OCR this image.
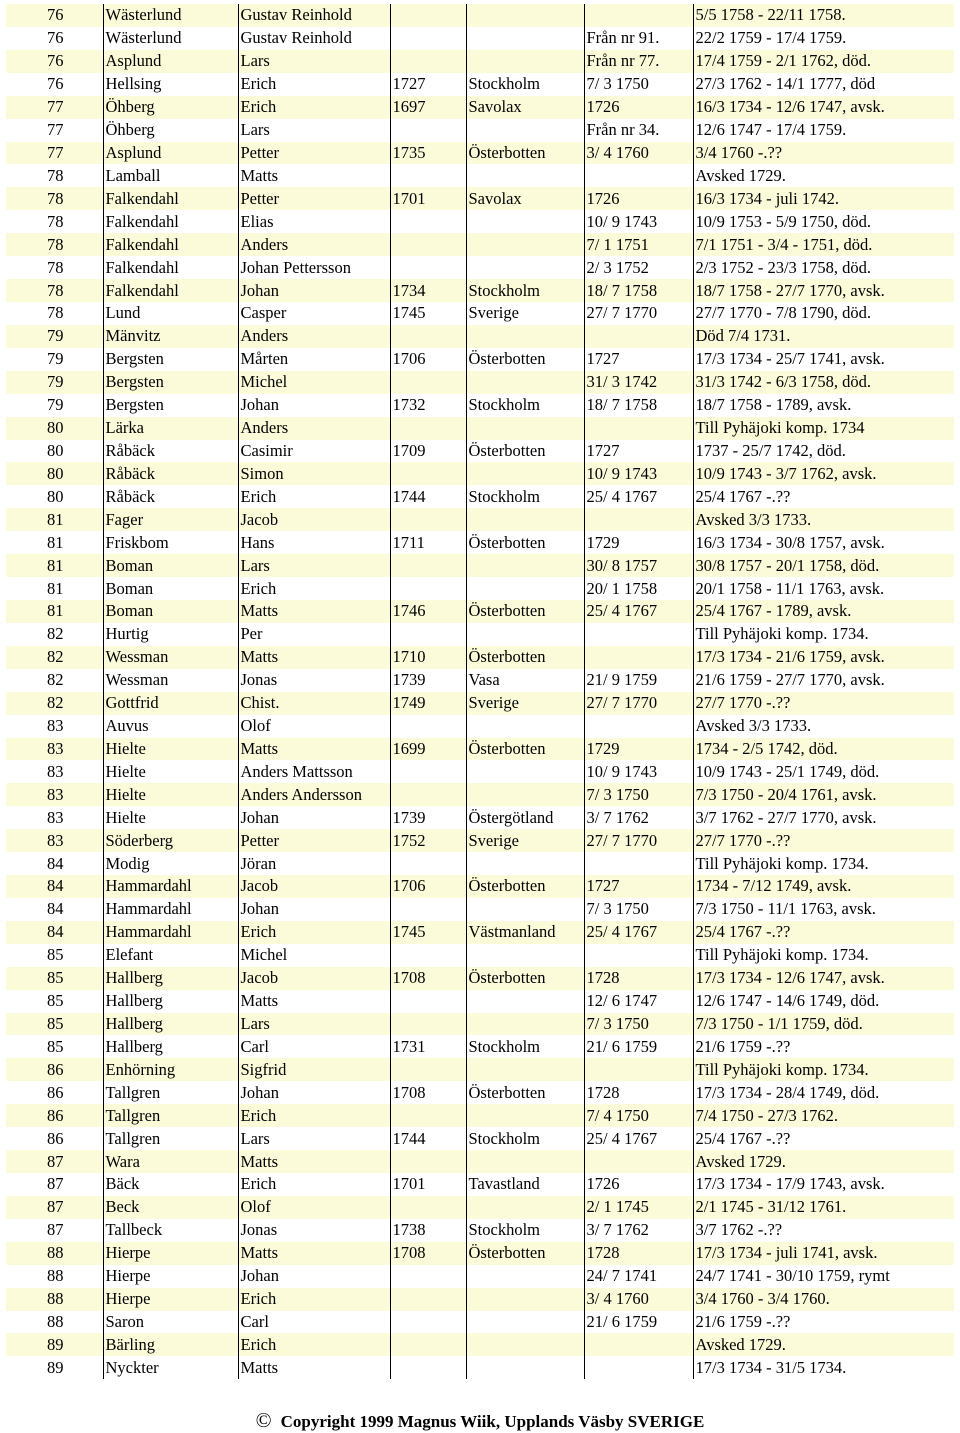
76	Wästerlund	Gustav Reinhold				5/5 1758 - 22/11 1758.
76	Wästerlund	Gustav Reinhold			Från nr 91.	22/2 1759 - 17/4 1759.
76	Asplund	Lars			Från nr 77.	17/4 1759 - 2/1 1762, död.
76	Hellsing	Erich	1727	Stockholm	7/ 3 1750	27/3 1762 - 14/1 1777, död
77	Öhberg	Erich	1697	Savolax	1726	16/3 1734 - 12/6 1747, avsk.
77	Öhberg	Lars			Från nr 34.	12/6 1747 - 17/4 1759.
77	Asplund	Petter	1735	Österbotten	3/ 4 1760	3/4 1760 -.??
78	Lamball	Matts				Avsked 1729.
78	Falkendahl	Petter	1701	Savolax	1726	16/3 1734 - juli 1742.
78	Falkendahl	Elias			10/ 9 1743	10/9 1753 - 5/9 1750, död.
78	Falkendahl	Anders			7/ 1 1751	7/1 1751 - 3/4 - 1751, död.
78	Falkendahl	Johan Pettersson			2/ 3 1752	2/3 1752 - 23/3 1758, död.
78	Falkendahl	Johan	1734	Stockholm	18/ 7 1758	18/7 1758 - 27/7 1770, avsk.
78	Lund	Casper	1745	Sverige	27/ 7 1770	27/7 1770 - 7/8 1790, död.
79	Mänvitz	Anders				Död 7/4 1731.
79	Bergsten	Mårten	1706	Österbotten	1727	17/3 1734 - 25/7 1741, avsk.
79	Bergsten	Michel			31/ 3 1742	31/3 1742 - 6/3 1758, död.
79	Bergsten	Johan	1732	Stockholm	18/ 7 1758	18/7 1758 - 1789, avsk.
80	Lärka	Anders				Till Pyhäjoki komp. 1734
80	Råbäck	Casimir	1709	Österbotten	1727	1737 - 25/7 1742, död.
80	Råbäck	Simon			10/ 9 1743	10/9 1743 - 3/7 1762, avsk.
80	Råbäck	Erich	1744	Stockholm	25/ 4 1767	25/4 1767 -.??
81	Fager	Jacob				Avsked 3/3 1733.
81	Friskbom	Hans	1711	Österbotten	1729	16/3 1734 - 30/8 1757, avsk.
81	Boman	Lars			30/ 8 1757	30/8 1757 - 20/1 1758, död.
81	Boman	Erich			20/ 1 1758	20/1 1758 - 11/1 1763, avsk.
81	Boman	Matts	1746	Österbotten	25/ 4 1767	25/4 1767 - 1789, avsk.
82	Hurtig	Per				Till Pyhäjoki komp. 1734.
82	Wessman	Matts	1710	Österbotten		17/3 1734 - 21/6 1759, avsk.
82	Wessman	Jonas	1739	Vasa	21/ 9 1759	21/6 1759 - 27/7 1770, avsk.
82	Gottfrid	Chist.	1749	Sverige	27/ 7 1770	27/7 1770 -.??
83	Auvus	Olof				Avsked 3/3 1733.
83	Hielte	Matts	1699	Österbotten	1729	1734 - 2/5 1742, död.
83	Hielte	Anders Mattsson			10/ 9 1743	10/9 1743 - 25/1 1749, död.
83	Hielte	Anders Andersson			7/ 3 1750	7/3 1750 - 20/4 1761, avsk.
83	Hielte	Johan	1739	Östergötland	3/ 7 1762	3/7 1762 - 27/7 1770, avsk.
83	Söderberg	Petter	1752	Sverige	27/ 7 1770	27/7 1770 -.??
84	Modig	Jöran				Till Pyhäjoki komp. 1734.
84	Hammardahl	Jacob	1706	Österbotten	1727	1734 - 7/12 1749, avsk.
84	Hammardahl	Johan			7/ 3 1750	7/3 1750 - 11/1 1763, avsk.
84	Hammardahl	Erich	1745	Västmanland	25/ 4 1767	25/4 1767 -.??
85	Elefant	Michel				Till Pyhäjoki komp. 1734.
85	Hallberg	Jacob	1708	Österbotten	1728	17/3 1734 - 12/6 1747, avsk.
85	Hallberg	Matts			12/ 6 1747	12/6 1747 - 14/6 1749, död.
85	Hallberg	Lars			7/ 3 1750	7/3 1750 - 1/1 1759, död.
85	Hallberg	Carl	1731	Stockholm	21/ 6 1759	21/6 1759 -.??
86	Enhörning	Sigfrid				Till Pyhäjoki komp. 1734.
86	Tallgren	Johan	1708	Österbotten	1728	17/3 1734 - 28/4 1749, död.
86	Tallgren	Erich			7/ 4 1750	7/4 1750 - 27/3 1762.
86	Tallgren	Lars	1744	Stockholm	25/ 4 1767	25/4 1767 -.??
87	Wara	Matts				Avsked 1729.
87	Bäck	Erich	1701	Tavastland	1726	17/3 1734 - 17/9 1743, avsk.
87	Beck	Olof			2/ 1 1745	2/1 1745 - 31/12 1761.
87	Tallbeck	Jonas	1738	Stockholm	3/ 7 1762	3/7 1762 -.??
88	Hierpe	Matts	1708	Österbotten	1728	17/3 1734 - juli 1741, avsk.
88	Hierpe	Johan			24/ 7 1741	24/7 1741 - 30/10 1759, rymt
88	Hierpe	Erich			3/ 4 1760	3/4 1760 - 3/4 1760.
88	Saron	Carl			21/ 6 1759	21/6 1759 -.??
89	Bärling	Erich				Avsked 1729.
89	Nyckter	Matts				17/3 1734 - 31/5 1734.
© Copyright 1999 Magnus Wiik, Upplands Väsby SVERIGE
